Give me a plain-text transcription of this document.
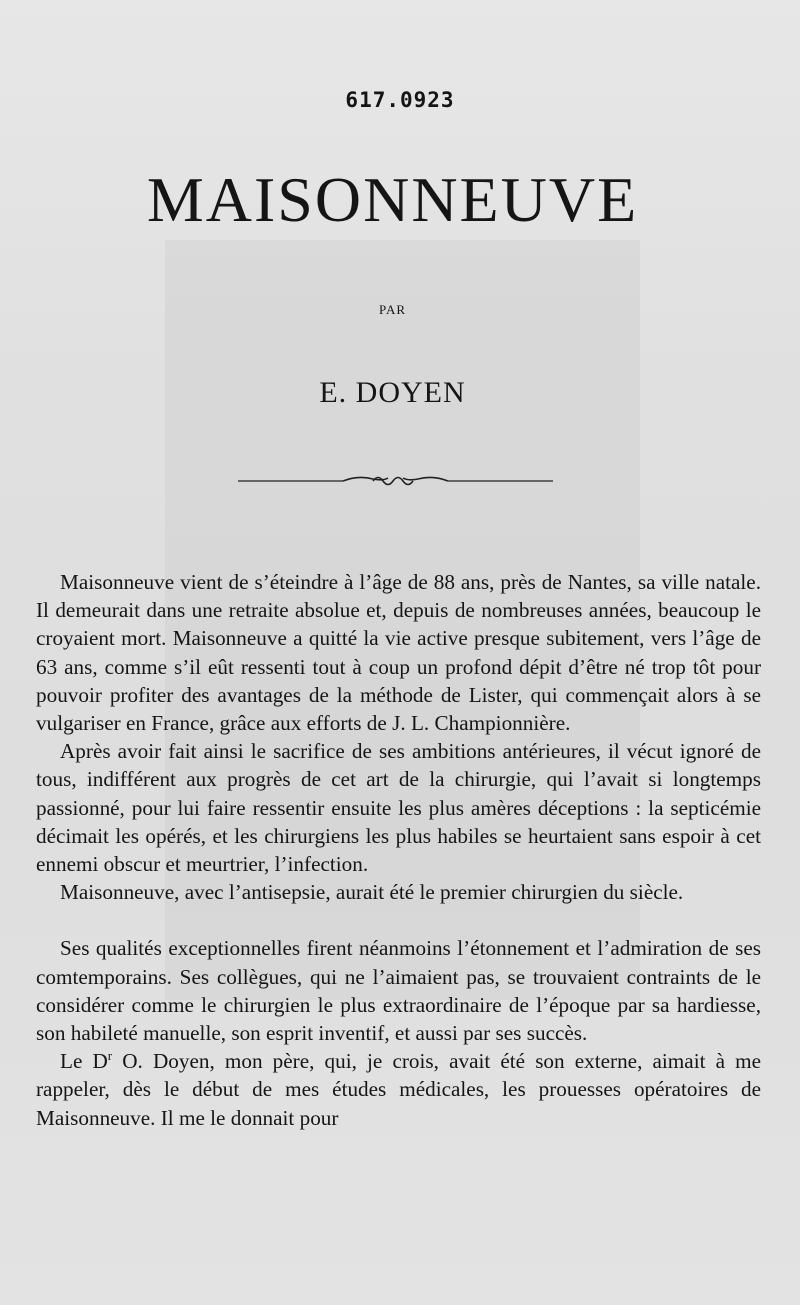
617.0923
MAISONNEUVE
PAR
E. DOYEN

Maisonneuve vient de s’éteindre à l’âge de 88 ans, près de Nantes, sa ville natale. Il demeurait dans une retraite absolue et, depuis de nombreuses années, beaucoup le croyaient mort. Maisonneuve a quitté la vie active presque subitement, vers l’âge de 63 ans, comme s’il eût ressenti tout à coup un profond dépit d’être né trop tôt pour pouvoir profiter des avantages de la méthode de Lister, qui commençait alors à se vulgariser en France, grâce aux efforts de J. L. Championnière.

Après avoir fait ainsi le sacrifice de ses ambitions antérieures, il vécut ignoré de tous, indifférent aux progrès de cet art de la chirurgie, qui l’avait si longtemps passionné, pour lui faire ressentir ensuite les plus amères déceptions : la septicémie décimait les opérés, et les chirurgiens les plus habiles se heurtaient sans espoir à cet ennemi obscur et meurtrier, l’infection.

Maisonneuve, avec l’antisepsie, aurait été le premier chirurgien du siècle.

Ses qualités exceptionnelles firent néanmoins l’étonnement et l’admiration de ses comtemporains. Ses collègues, qui ne l’aimaient pas, se trouvaient contraints de le considérer comme le chirurgien le plus extraordinaire de l’époque par sa hardiesse, son habileté manuelle, son esprit inventif, et aussi par ses succès.

Le $D^r$ O. Doyen, mon père, qui, je crois, avait été son externe, aimait à me rappeler, dès le début de mes études médicales, les prouesses opératoires de Maisonneuve. Il me le donnait pour
